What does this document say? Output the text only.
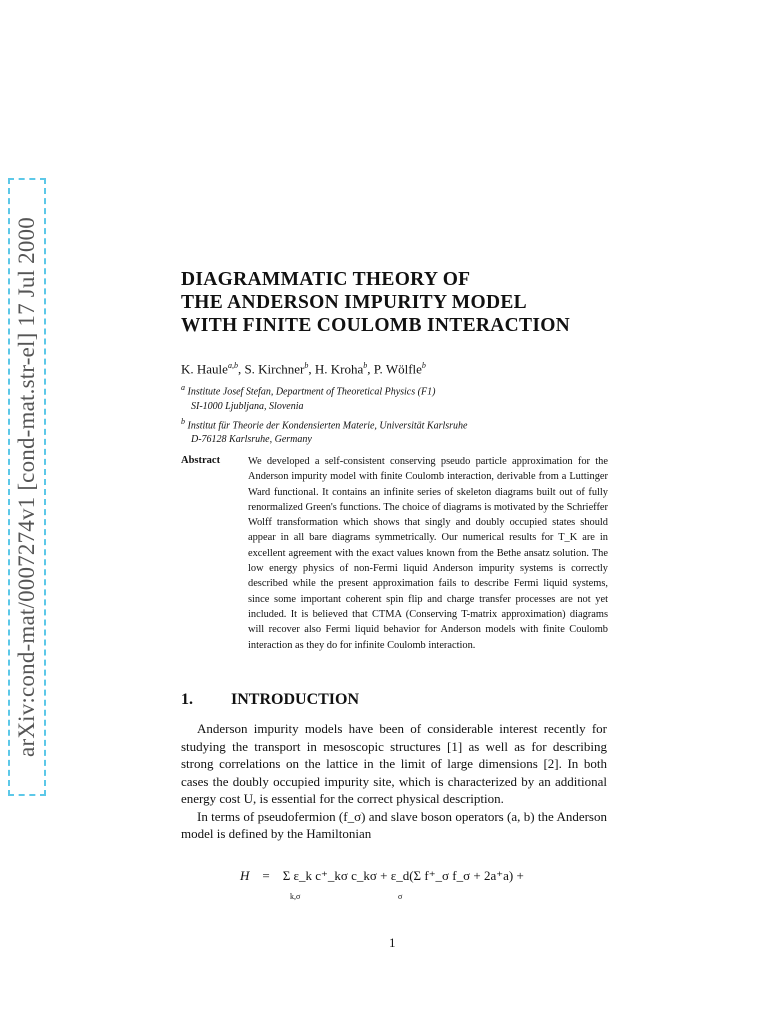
arXiv:cond-mat/0007274v1 [cond-mat.str-el] 17 Jul 2000	DIAGRAMMATIC THEORY OF
THE ANDERSON IMPURITY MODEL
WITH FINITE COULOMB INTERACTION
K. Haule$^{a,b}$, S. Kirchner$^b$, H. Kroha$^b$, P. Wölfle$^b$
$^a$ Institute Josef Stefan, Department of Theoretical Physics (F1)
SI-1000 Ljubljana, Slovenia
$^b$ Institut für Theorie der Kondensierten Materie, Universität Karlsruhe
D-76128 Karlsruhe, Germany
Abstract	We developed a self-consistent conserving pseudo particle approximation for the Anderson impurity model with finite Coulomb interaction, derivable from a Luttinger Ward functional. It contains an infinite series of skeleton diagrams built out of fully renormalized Green's functions. The choice of diagrams is motivated by the Schrieffer Wolff transformation which shows that singly and doubly occupied states should appear in all bare diagrams symmetrically. Our numerical results for T_K are in excellent agreement with the exact values known from the Bethe ansatz solution. The low energy physics of non-Fermi liquid Anderson impurity systems is correctly described while the present approximation fails to describe Fermi liquid systems, since some important coherent spin flip and charge transfer processes are not yet included. It is believed that CTMA (Conserving T-matrix approximation) diagrams will recover also Fermi liquid behavior for Anderson models with finite Coulomb interaction as they do for infinite Coulomb interaction.

1. INTRODUCTION

Anderson impurity models have been of considerable interest recently for studying the transport in mesoscopic structures [1] as well as for describing strong correlations on the lattice in the limit of large dimensions [2]. In both cases the doubly occupied impurity site, which is characterized by an additional energy cost U, is essential for the correct physical description.

In terms of pseudofermion (f_σ) and slave boson operators (a, b) the Anderson model is defined by the Hamiltonian

H = Σ ε_k c⁺_kσ c_kσ + ε_d(Σ f⁺_σ f_σ + 2a⁺a) +
k,σ	σ
1
